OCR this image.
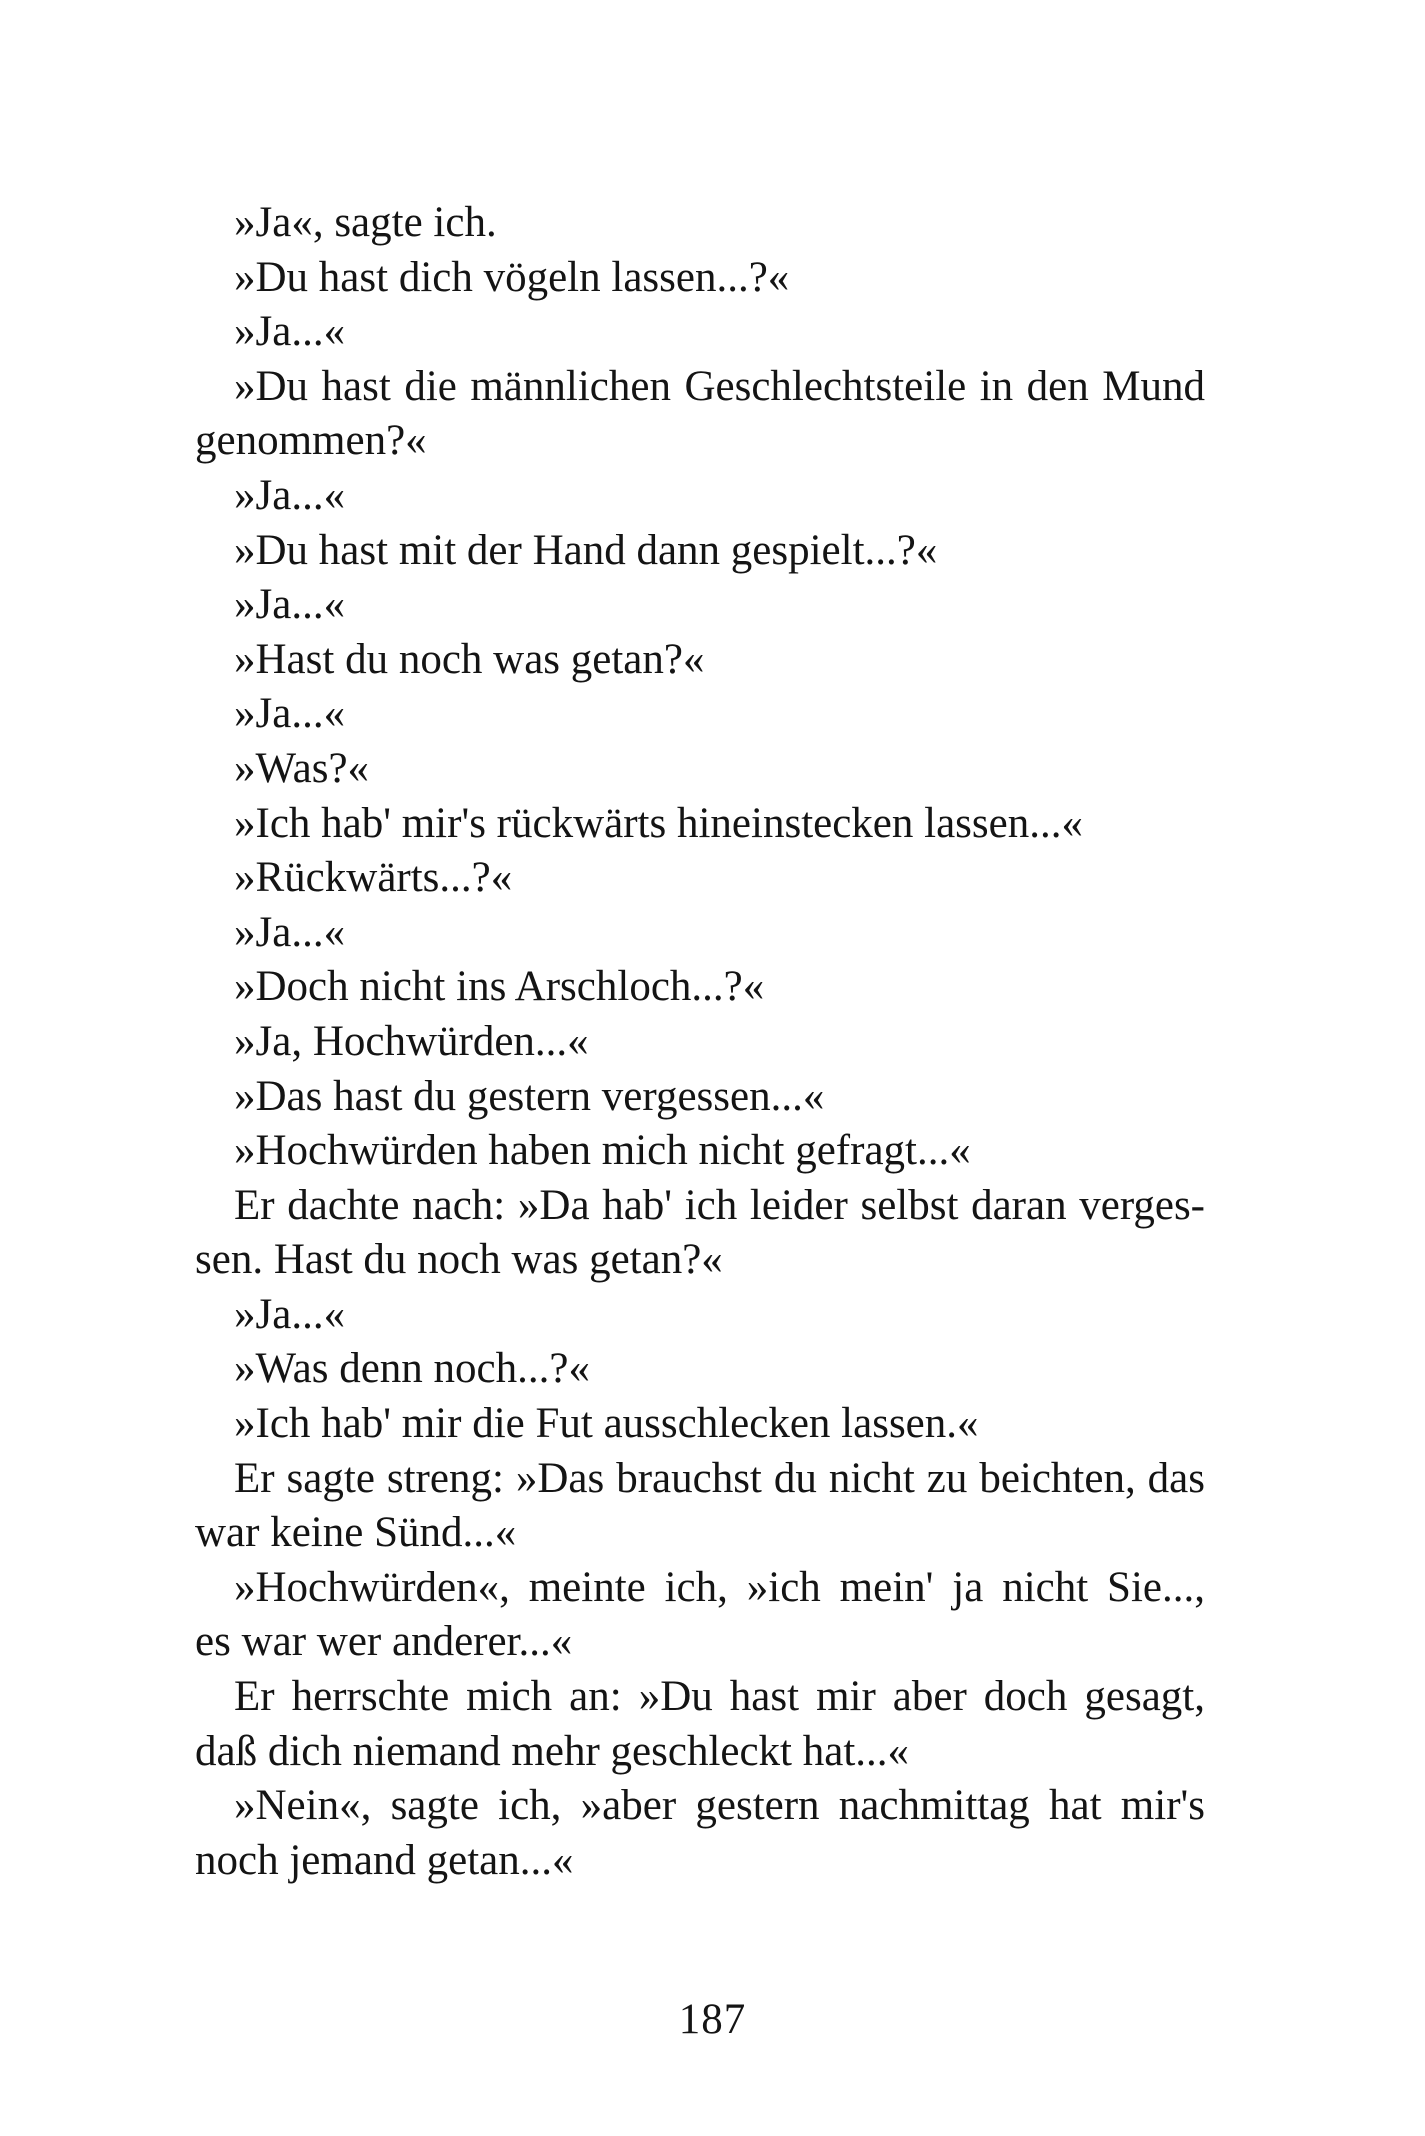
»Ja«, sagte ich.
»Du hast dich vögeln lassen...?«
»Ja...«
»Du hast die männlichen Geschlechtsteile in den Mund
genommen?«
»Ja...«
»Du hast mit der Hand dann gespielt...?«
»Ja...«
»Hast du noch was getan?«
»Ja...«
»Was?«
»Ich hab' mir's rückwärts hineinstecken lassen...«
»Rückwärts...?«
»Ja...«
»Doch nicht ins Arschloch...?«
»Ja, Hochwürden...«
»Das hast du gestern vergessen...«
»Hochwürden haben mich nicht gefragt...«
Er dachte nach: »Da hab' ich leider selbst daran verges-
sen. Hast du noch was getan?«
»Ja...«
»Was denn noch...?«
»Ich hab' mir die Fut ausschlecken lassen.«
Er sagte streng: »Das brauchst du nicht zu beichten, das
war keine Sünd...«
»Hochwürden«, meinte ich, »ich mein' ja nicht Sie...,
es war wer anderer...«
Er herrschte mich an: »Du hast mir aber doch gesagt,
daß dich niemand mehr geschleckt hat...«
»Nein«, sagte ich, »aber gestern nachmittag hat mir's
noch jemand getan...«
187
